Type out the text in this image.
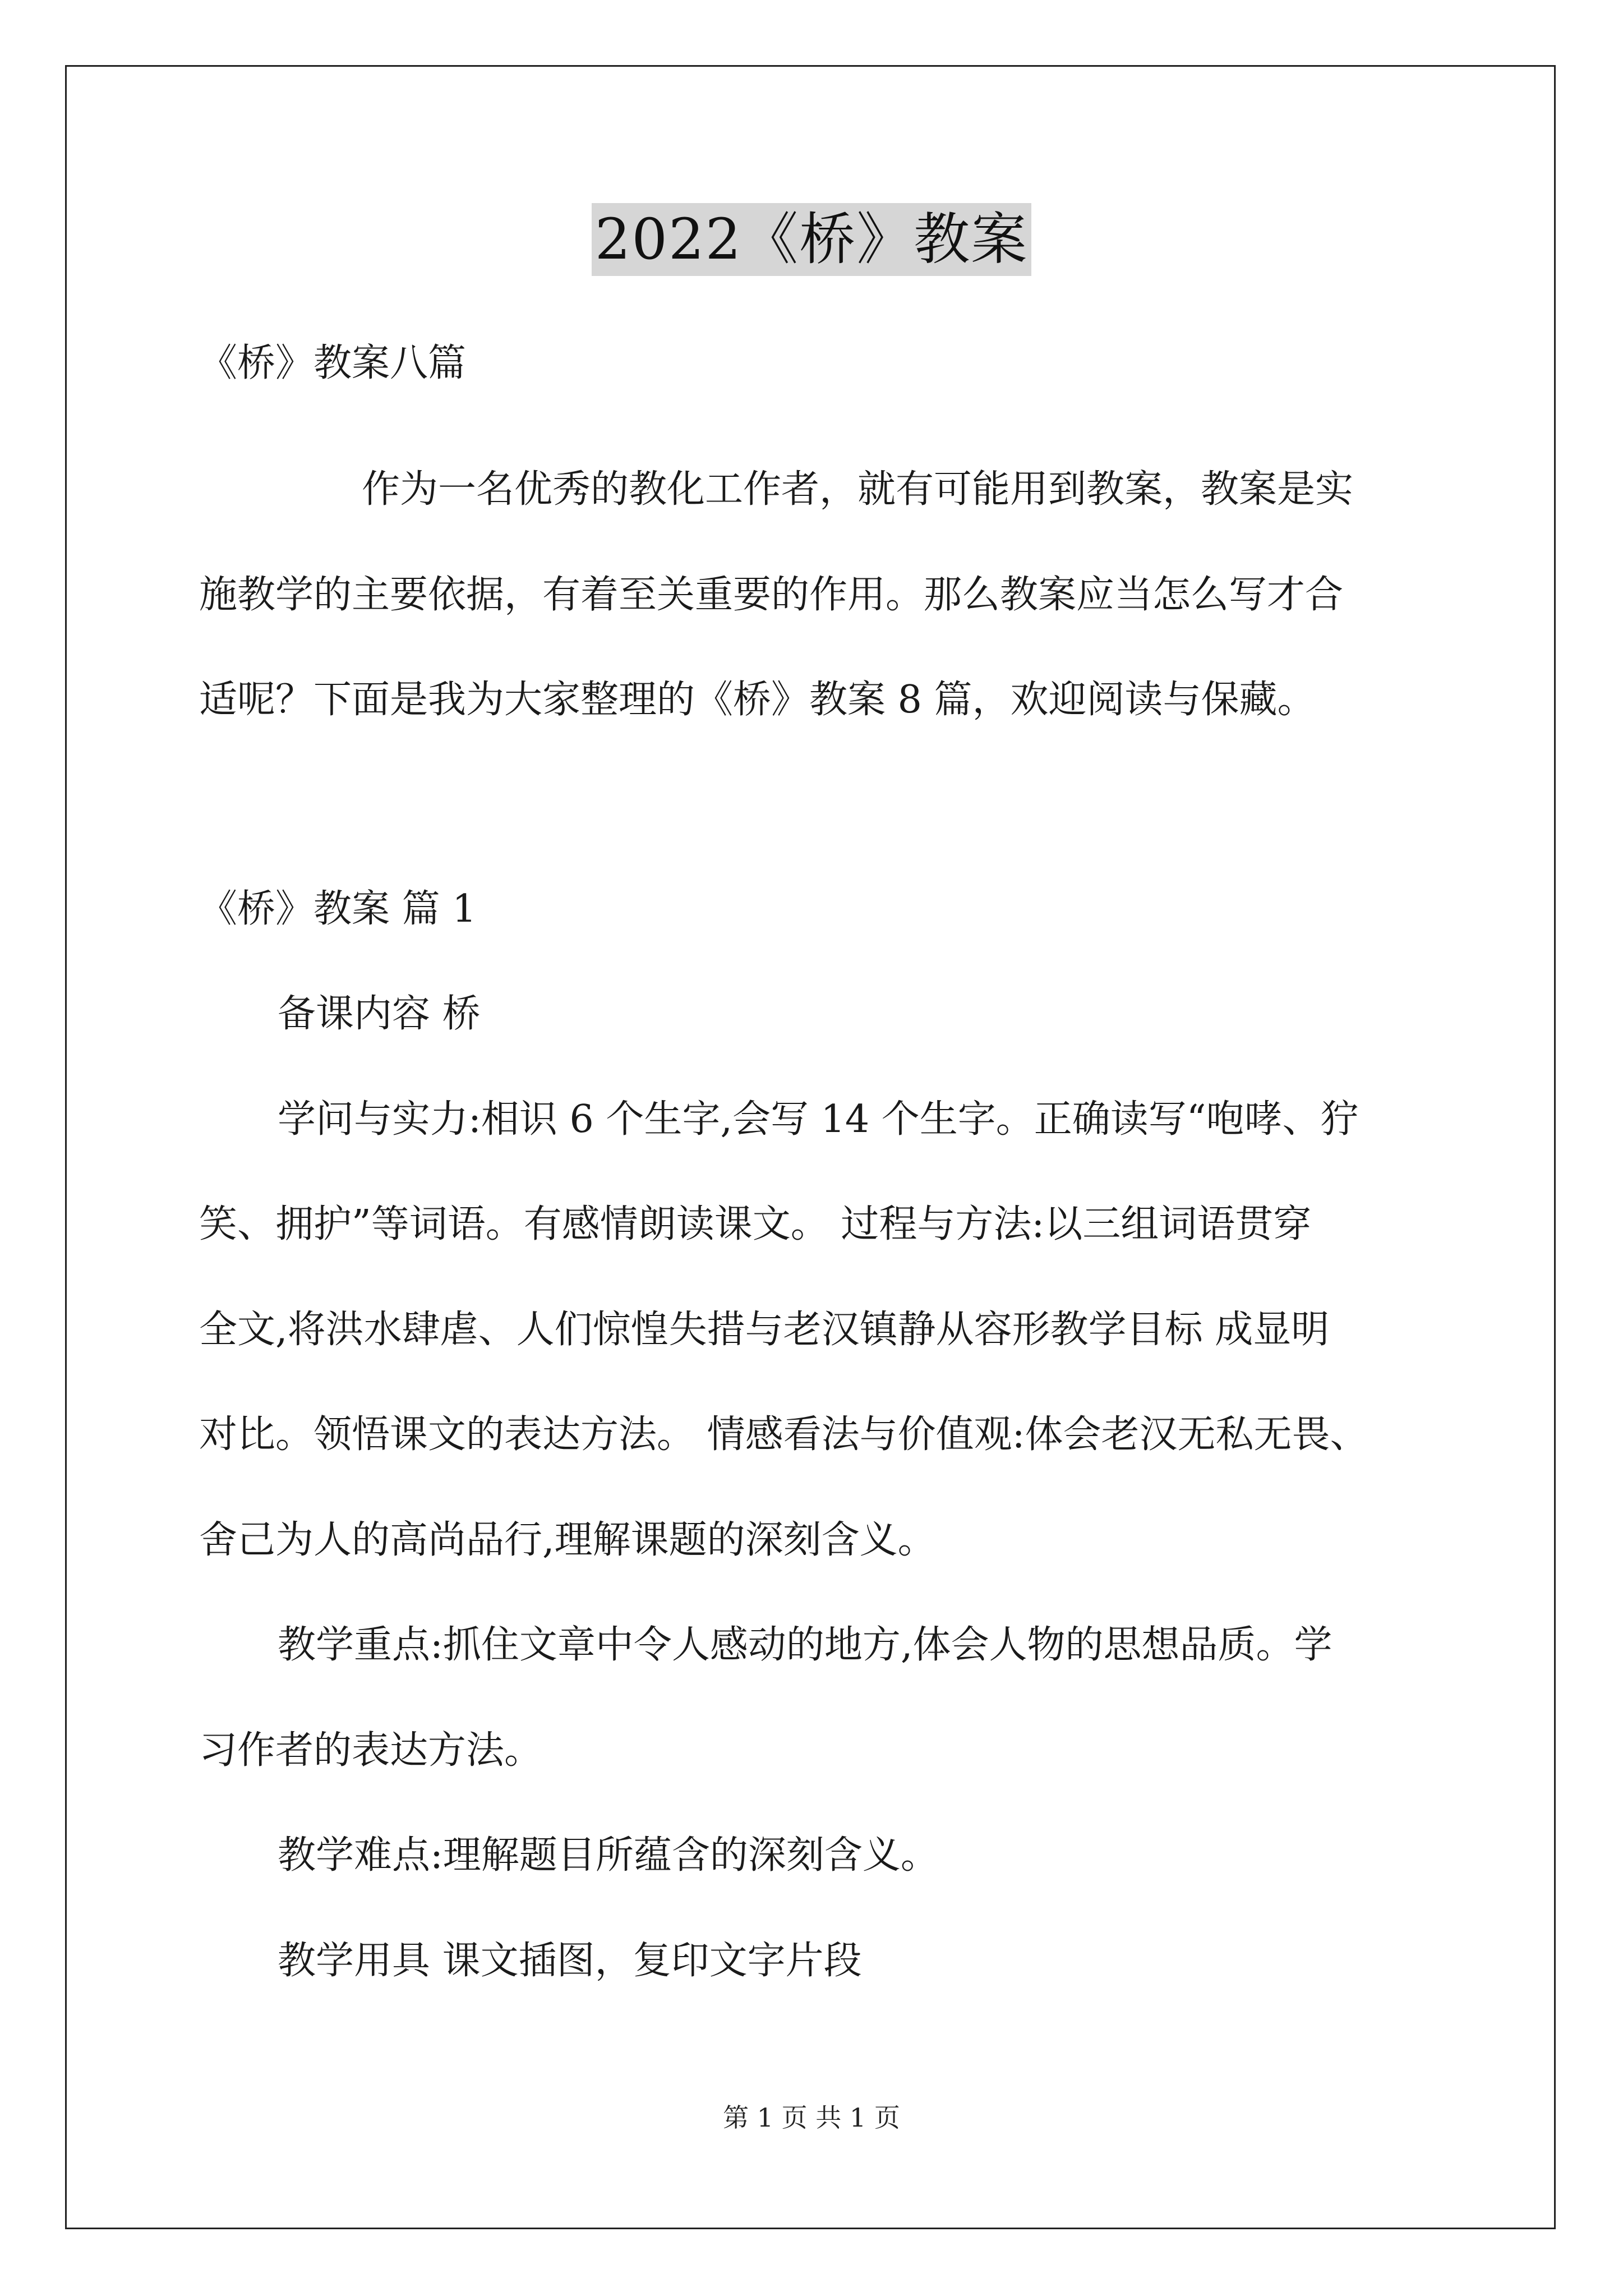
2022《桥》教案

《桥》教案八篇

作为一名优秀的教化工作者，就有可能用到教案，教案是实

施教学的主要依据，有着至关重要的作用。那么教案应当怎么写才合

适呢？下面是我为大家整理的《桥》教案 8 篇，欢迎阅读与保藏。

《桥》教案 篇 1

备课内容 桥

学问与实力:相识 6 个生字,会写 14 个生字。正确读写“咆哮、狞

笑、拥护”等词语。有感情朗读课文。 过程与方法:以三组词语贯穿

全文,将洪水肆虐、人们惊惶失措与老汉镇静从容形教学目标 成显明

对比。领悟课文的表达方法。 情感看法与价值观:体会老汉无私无畏、

舍己为人的高尚品行,理解课题的深刻含义。

教学重点:抓住文章中令人感动的地方,体会人物的思想品质。学

习作者的表达方法。

教学难点:理解题目所蕴含的深刻含义。

教学用具 课文插图，复印文字片段

第 1 页 共 1 页
